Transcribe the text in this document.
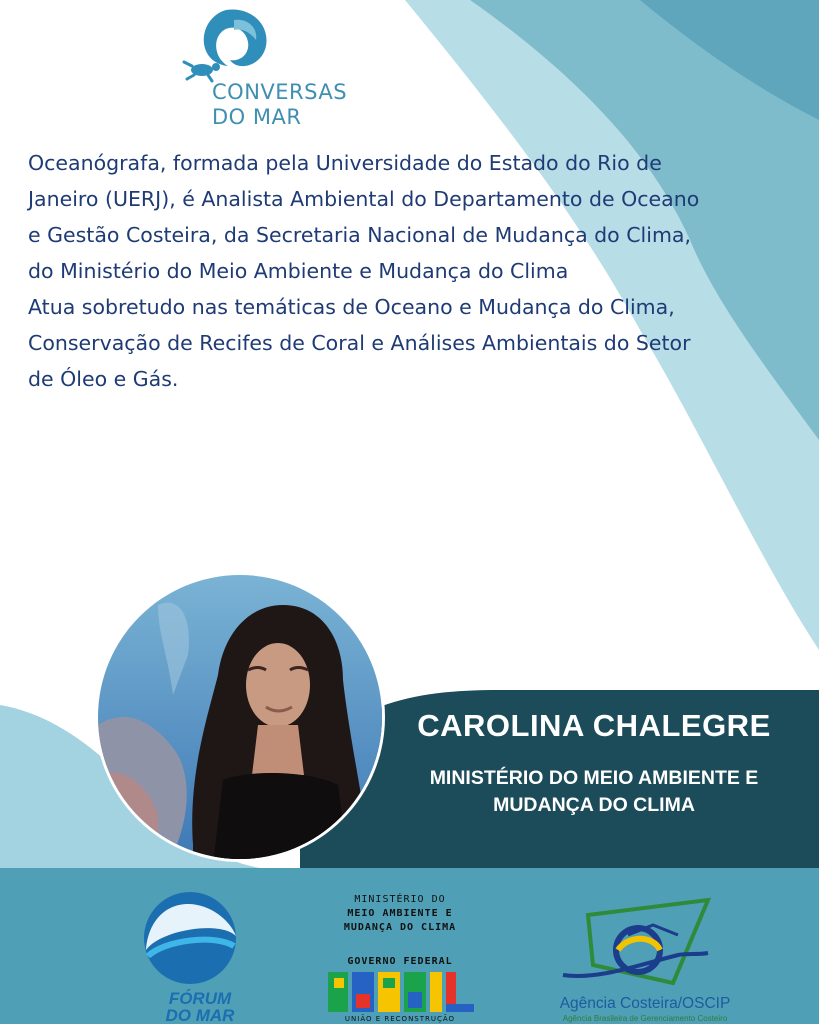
CONVERSAS
DO MAR

Oceanógrafa, formada pela Universidade do Estado do Rio de

Janeiro (UERJ), é Analista Ambiental do Departamento de Oceano

e Gestão Costeira, da Secretaria Nacional de Mudança do Clima,

do Ministério do Meio Ambiente e Mudança do Clima

Atua sobretudo nas temáticas de Oceano e Mudança do Clima,

Conservação de Recifes de Coral e Análises Ambientais do Setor

de Óleo e Gás.

CAROLINA CHALEGRE
MINISTÉRIO DO MEIO AMBIENTE E
MUDANÇA DO CLIMA
FÓRUM
DO MAR
MINISTÉRIO DO
MEIO AMBIENTE E
MUDANÇA DO CLIMA
GOVERNO FEDERAL
UNIÃO E RECONSTRUÇÃO
Agência Costeira/OSCIP
Agência Brasileira de Gerenciamento Costeiro
